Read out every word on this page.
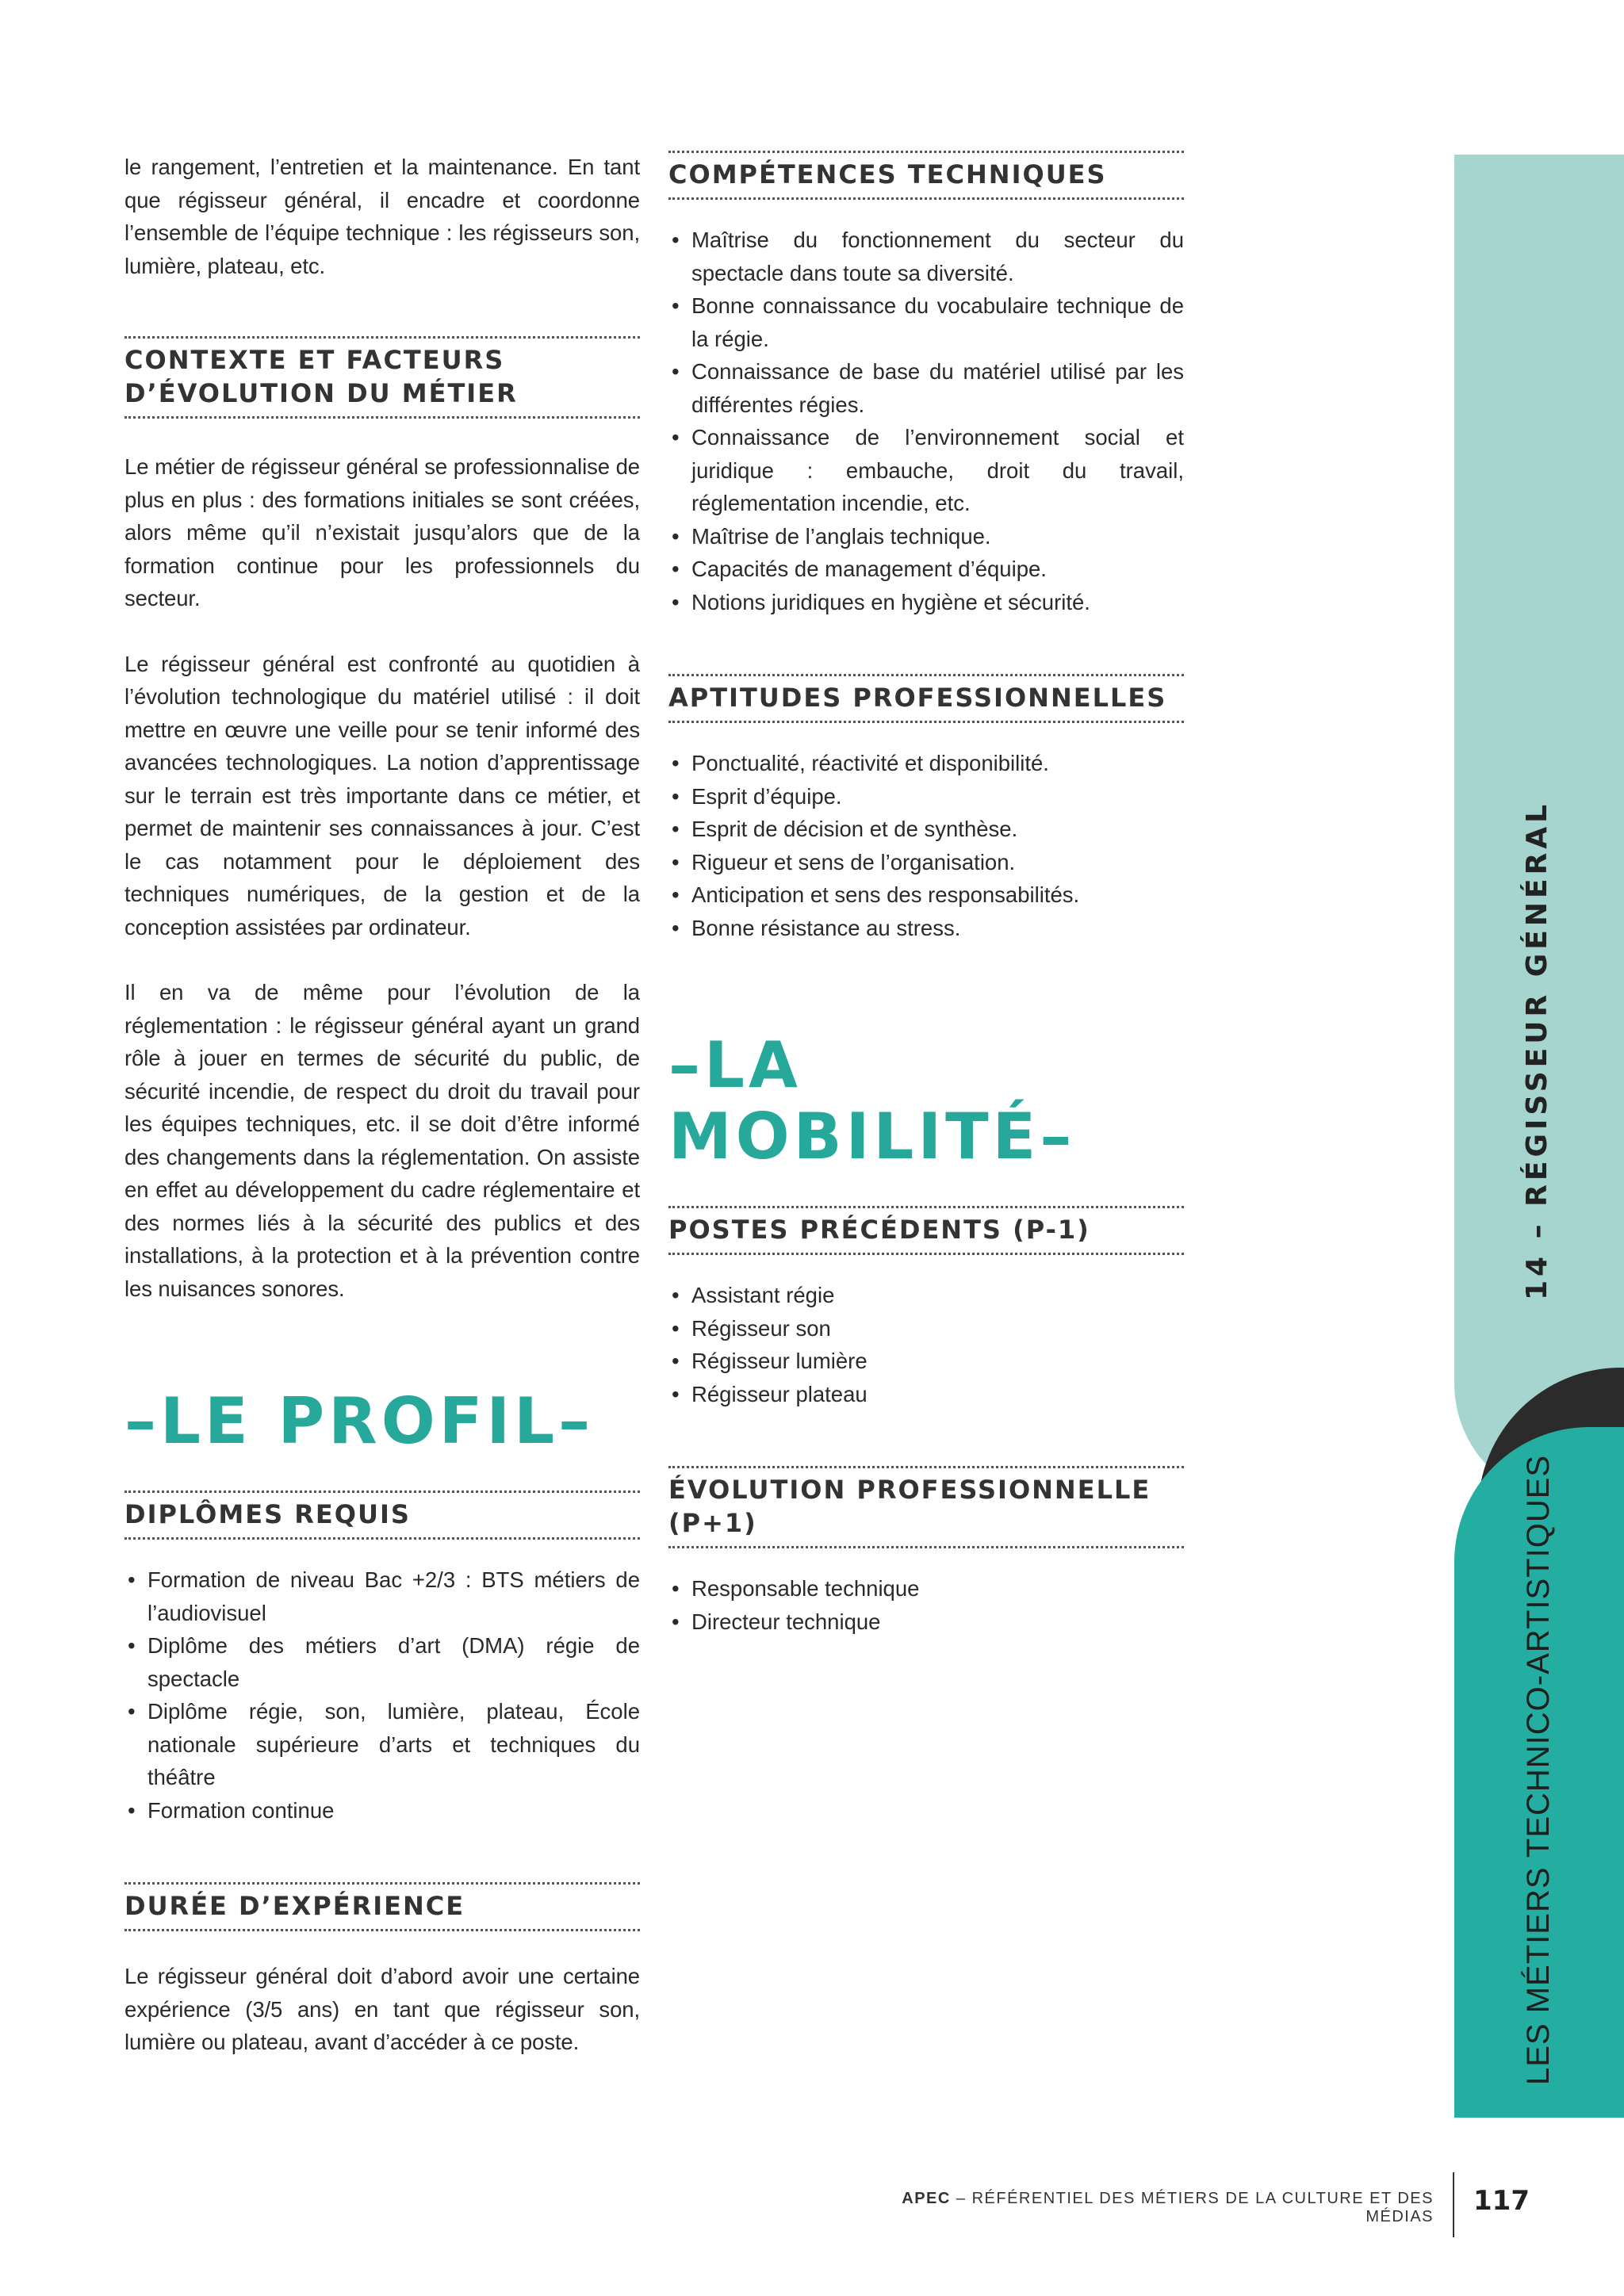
le rangement, l’entretien et la maintenance. En tant que régisseur général, il encadre et coordonne l’ensemble de l’équipe technique : les régisseurs son, lumière, plateau, etc.

CONTEXTE ET FACTEURS D’ÉVOLUTION DU MÉTIER

Le métier de régisseur général se professionnalise de plus en plus : des formations initiales se sont créées, alors même qu’il n’existait jusqu’alors que de la formation continue pour les professionnels du secteur.

Le régisseur général est confronté au quotidien à l’évolution technologique du matériel utilisé : il doit mettre en œuvre une veille pour se tenir informé des avancées technologiques. La notion d’apprentissage sur le terrain est très importante dans ce métier, et permet de maintenir ses connaissances à jour. C’est le cas notamment pour le déploiement des techniques numériques, de la gestion et de la conception assistées par ordinateur.

Il en va de même pour l’évolution de la réglementation : le régisseur général ayant un grand rôle à jouer en termes de sécurité du public, de sécurité incendie, de respect du droit du travail pour les équipes techniques, etc. il se doit d’être informé des changements dans la réglementation. On assiste en effet au développement du cadre réglementaire et des normes liés à la sécurité des publics et des installations, à la protection et à la prévention contre les nuisances sonores.

–LE PROFIL–
DIPLÔMES REQUIS
• Formation de niveau Bac +2/3 : BTS métiers de l’audiovisuel
• Diplôme des métiers d’art (DMA) régie de spectacle
• Diplôme régie, son, lumière, plateau, École nationale supérieure d’arts et techniques du théâtre
• Formation continue
DURÉE D’EXPÉRIENCE

Le régisseur général doit d’abord avoir une certaine expérience (3/5 ans) en tant que régisseur son, lumière ou plateau, avant d’accéder à ce poste.

COMPÉTENCES TECHNIQUES
• Maîtrise du fonctionnement du secteur du spectacle dans toute sa diversité.
• Bonne connaissance du vocabulaire technique de la régie.
• Connaissance de base du matériel utilisé par les différentes régies.
• Connaissance de l’environnement social et juridique : embauche, droit du travail, réglementation incendie, etc.
• Maîtrise de l’anglais technique.
• Capacités de management d’équipe.
• Notions juridiques en hygiène et sécurité.
APTITUDES PROFESSIONNELLES
• Ponctualité, réactivité et disponibilité.
• Esprit d’équipe.
• Esprit de décision et de synthèse.
• Rigueur et sens de l’organisation.
• Anticipation et sens des responsabilités.
• Bonne résistance au stress.
–LA MOBILITÉ–
POSTES PRÉCÉDENTS (P-1)
• Assistant régie
• Régisseur son
• Régisseur lumière
• Régisseur plateau
ÉVOLUTION PROFESSIONNELLE (P+1)
• Responsable technique
• Directeur technique
14 – RÉGISSEUR GÉNÉRAL
LES MÉTIERS TECHNICO-ARTISTIQUES
APEC – RÉFÉRENTIEL DES MÉTIERS DE LA CULTURE ET DES MÉDIAS 117
